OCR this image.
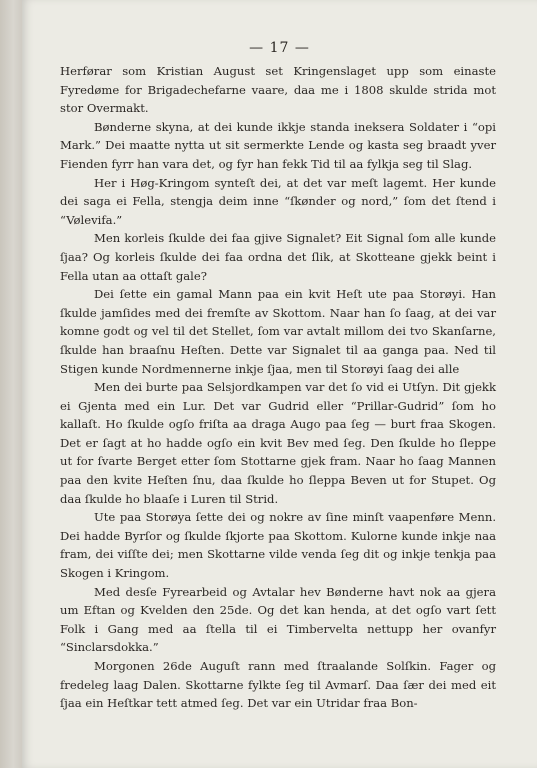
— 17 —

Herførar som Kristian August set Kringenslaget upp som einaste Fyredøme for Brigadechefarne vaare, daa me i 1808 skulde strida mot stor Overmakt.

Bønderne skyna, at dei kunde ikkje standa ineksera Soldater i “opi Mark.” Dei maatte nytta ut sit sermerkte Lende og kasta seg braadt yver Fienden fyrr han vara det, og fyr han fekk Tid til aa fylkja seg til Slag.

Her i Høg-Kringom synteſt dei, at det var meſt lagemt. Her kunde dei saga ei Fella, stengja deim inne “ſkønder og nord,” ſom det ſtend i “Vølevifa.”

Men korleis ſkulde dei faa gjive Signalet? Eit Signal ſom alle kunde ſjaa? Og korleis ſkulde dei faa ordna det ſlik, at Skotteane gjekk beint i Fella utan aa ottaſt gale?

Dei ſette ein gamal Mann paa ein kvit Heſt ute paa Storøyi. Han ſkulde jamſides med dei fremſte av Skottom. Naar han ſo ſaag, at dei var komne godt og vel til det Stellet, ſom var avtalt millom dei tvo Skanſarne, ſkulde han braaſnu Heſten. Dette var Signalet til aa ganga paa. Ned til Stigen kunde Nordmennerne inkje ſjaa, men til Storøyi ſaag dei alle

Men dei burte paa Selsjordkampen var det ſo vid ei Utſyn. Dit gjekk ei Gjenta med ein Lur. Det var Gudrid eller “Prillar-Gudrid” ſom ho kallaſt. Ho ſkulde ogſo friſta aa draga Augo paa ſeg — burt fraa Skogen. Det er ſagt at ho hadde ogſo ein kvit Bev med ſeg. Den ſkulde ho ſleppe ut for ſvarte Berget etter ſom Stottarne gjek fram. Naar ho ſaag Mannen paa den kvite Heſten ſnu, daa ſkulde ho ſleppa Beven ut for Stupet. Og daa ſkulde ho blaaſe i Luren til Strid.

Ute paa Storøya ſette dei og nokre av ſine minſt vaapenføre Menn. Dei hadde Byrſor og ſkulde ſkjorte paa Skottom. Kulorne kunde inkje naa fram, dei viſſte dei; men Skottarne vilde venda ſeg dit og inkje tenkja paa Skogen i Kringom.

Med desſe Fyrearbeid og Avtalar hev Bønderne havt nok aa gjera um Eftan og Kvelden den 25de. Og det kan henda, at det ogſo vart ſett Folk i Gang med aa ſtella til ei Timbervelta nettupp her ovanfyr “Sinclarsdokka.”

Morgonen 26de Auguſt rann med ſtraalande Solſkin. Fager og fredeleg laag Dalen. Skottarne fylkte ſeg til Avmarſ. Daa ſær dei med eit ſjaa ein Heſtkar tett atmed ſeg. Det var ein Utridar fraa Bon-
